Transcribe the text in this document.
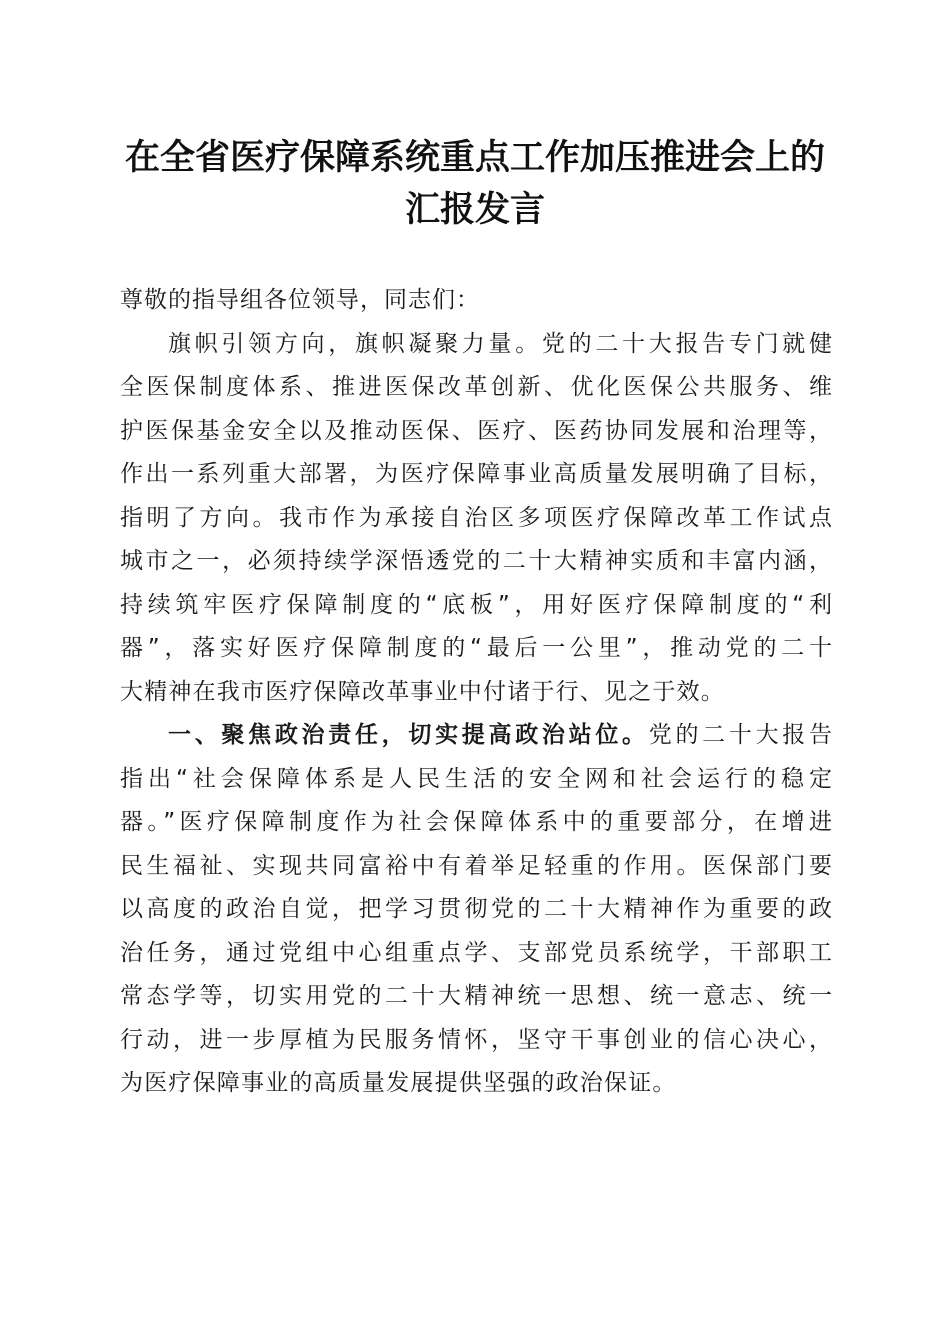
在全省医疗保障系统重点工作加压推进会上的
汇报发言

尊敬的指导组各位领导，同志们：

旗帜引领方向，旗帜凝聚力量。党的二十大报告专门就健
全医保制度体系、推进医保改革创新、优化医保公共服务、维
护医保基金安全以及推动医保、医疗、医药协同发展和治理等，
作出一系列重大部署，为医疗保障事业高质量发展明确了目标，
指明了方向。我市作为承接自治区多项医疗保障改革工作试点
城市之一，必须持续学深悟透党的二十大精神实质和丰富内涵，
持续筑牢医疗保障制度的“底板”，用好医疗保障制度的“利
器”，落实好医疗保障制度的“最后一公里”，推动党的二十
大精神在我市医疗保障改革事业中付诸于行、见之于效。
一、聚焦政治责任，切实提高政治站位。党的二十大报告
指出“社会保障体系是人民生活的安全网和社会运行的稳定
器。”医疗保障制度作为社会保障体系中的重要部分，在增进
民生福祉、实现共同富裕中有着举足轻重的作用。医保部门要
以高度的政治自觉，把学习贯彻党的二十大精神作为重要的政
治任务，通过党组中心组重点学、支部党员系统学，干部职工
常态学等，切实用党的二十大精神统一思想、统一意志、统一
行动，进一步厚植为民服务情怀，坚守干事创业的信心决心，
为医疗保障事业的高质量发展提供坚强的政治保证。
